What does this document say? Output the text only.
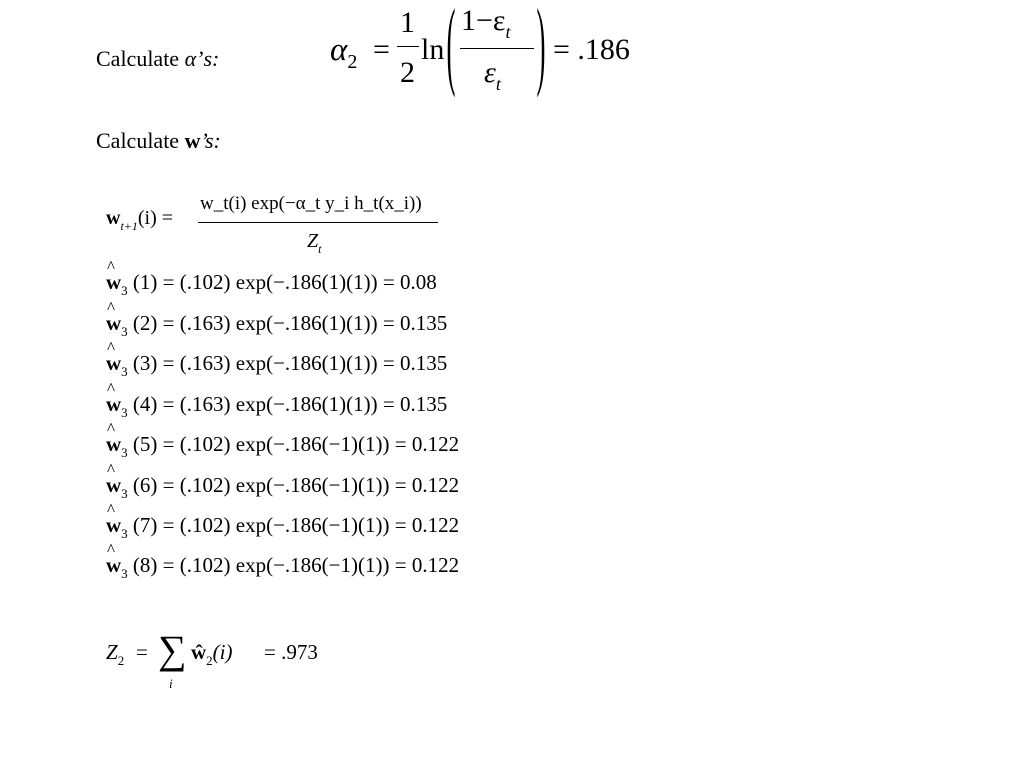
Calculate α’s:	α2 =
1
2
ln ( 1−εt
εt ) = .186
Calculate w’s:
$w_{t+1}(i)$ =
w_t(i) exp(−α_t y_i h_t(x_i))
$Z_t$
^ $w_3$ (1) = (.102) exp(−.186(1)(1)) = 0.08
^ $w_3$ (2) = (.163) exp(−.186(1)(1)) = 0.135
^ $w_3$ (3) = (.163) exp(−.186(1)(1)) = 0.135
^ $w_3$ (4) = (.163) exp(−.186(1)(1)) = 0.135
^ $w_3$ (5) = (.102) exp(−.186(−1)(1)) = 0.122
^ $w_3$ (6) = (.102) exp(−.186(−1)(1)) = 0.122
^ $w_3$ (7) = (.102) exp(−.186(−1)(1)) = 0.122
^ $w_3$ (8) = (.102) exp(−.186(−1)(1)) = 0.122
$Z_2$ = ∑
i
$ŵ_2(i) = .973$
